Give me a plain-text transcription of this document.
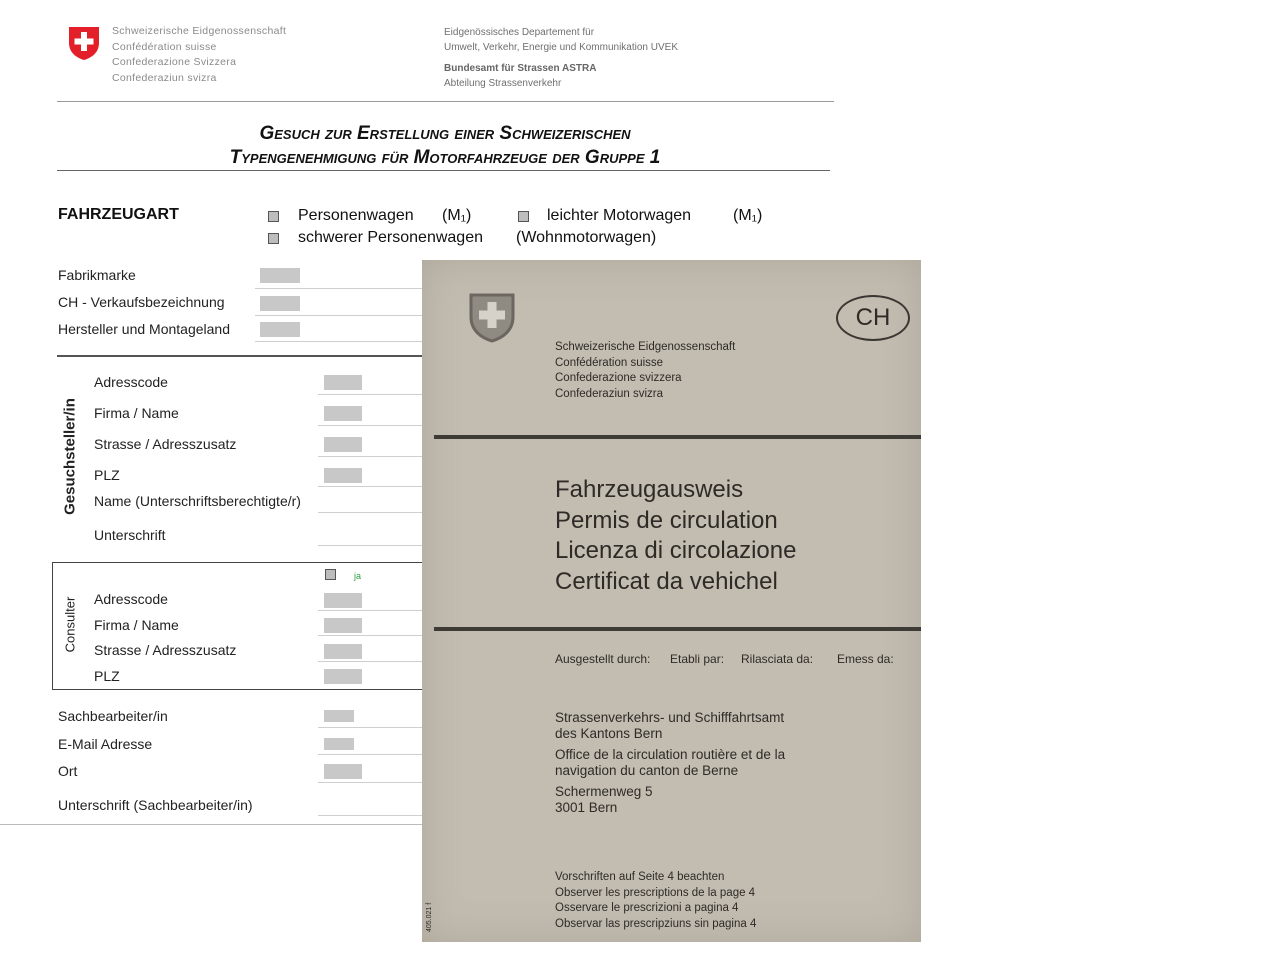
Schweizerische Eidgenossenschaft
Confédération suisse
Confederazione Svizzera
Confederaziun svizra
Eidgenössisches Departement für
Umwelt, Verkehr, Energie und Kommunikation UVEK
Bundesamt für Strassen ASTRA
Abteilung Strassenverkehr
Gesuch zur Erstellung einer Schweizerischen
Typengenehmigung für Motorfahrzeuge der Gruppe 1
FAHRZEUGART	Personenwagen (M₁)	leichter Motorwagen	(M₁)
schwerer Personenwagen (Wohnmotorwagen)
Fabrikmarke
CH - Verkaufsbezeichnung
Hersteller und Montageland
Gesuchsteller/in
Adresscode
Firma / Name
Strasse / Adresszusatz
PLZ
Name (Unterschriftsberechtigte/r)
Unterschrift
Consulter
ja
Adresscode
Firma / Name
Strasse / Adresszusatz
PLZ
Sachbearbeiter/in
E-Mail Adresse
Ort
Unterschrift (Sachbearbeiter/in)
CH
Schweizerische Eidgenossenschaft
Confédération suisse
Confederazione svizzera
Confederaziun svizra
Fahrzeugausweis
Permis de circulation
Licenza di circolazione
Certificat da vehichel
Ausgestellt durch: Etabli par: Rilasciata da: Emess da:
Strassenverkehrs- und Schifffahrtsamt
des Kantons Bern
Office de la circulation routière et de la
navigation du canton de Berne
Schermenweg 5
3001 Bern
Vorschriften auf Seite 4 beachten
Observer les prescriptions de la page 4
Osservare le prescrizioni a pagina 4
Observar las prescripziuns sin pagina 4
405.021 f
